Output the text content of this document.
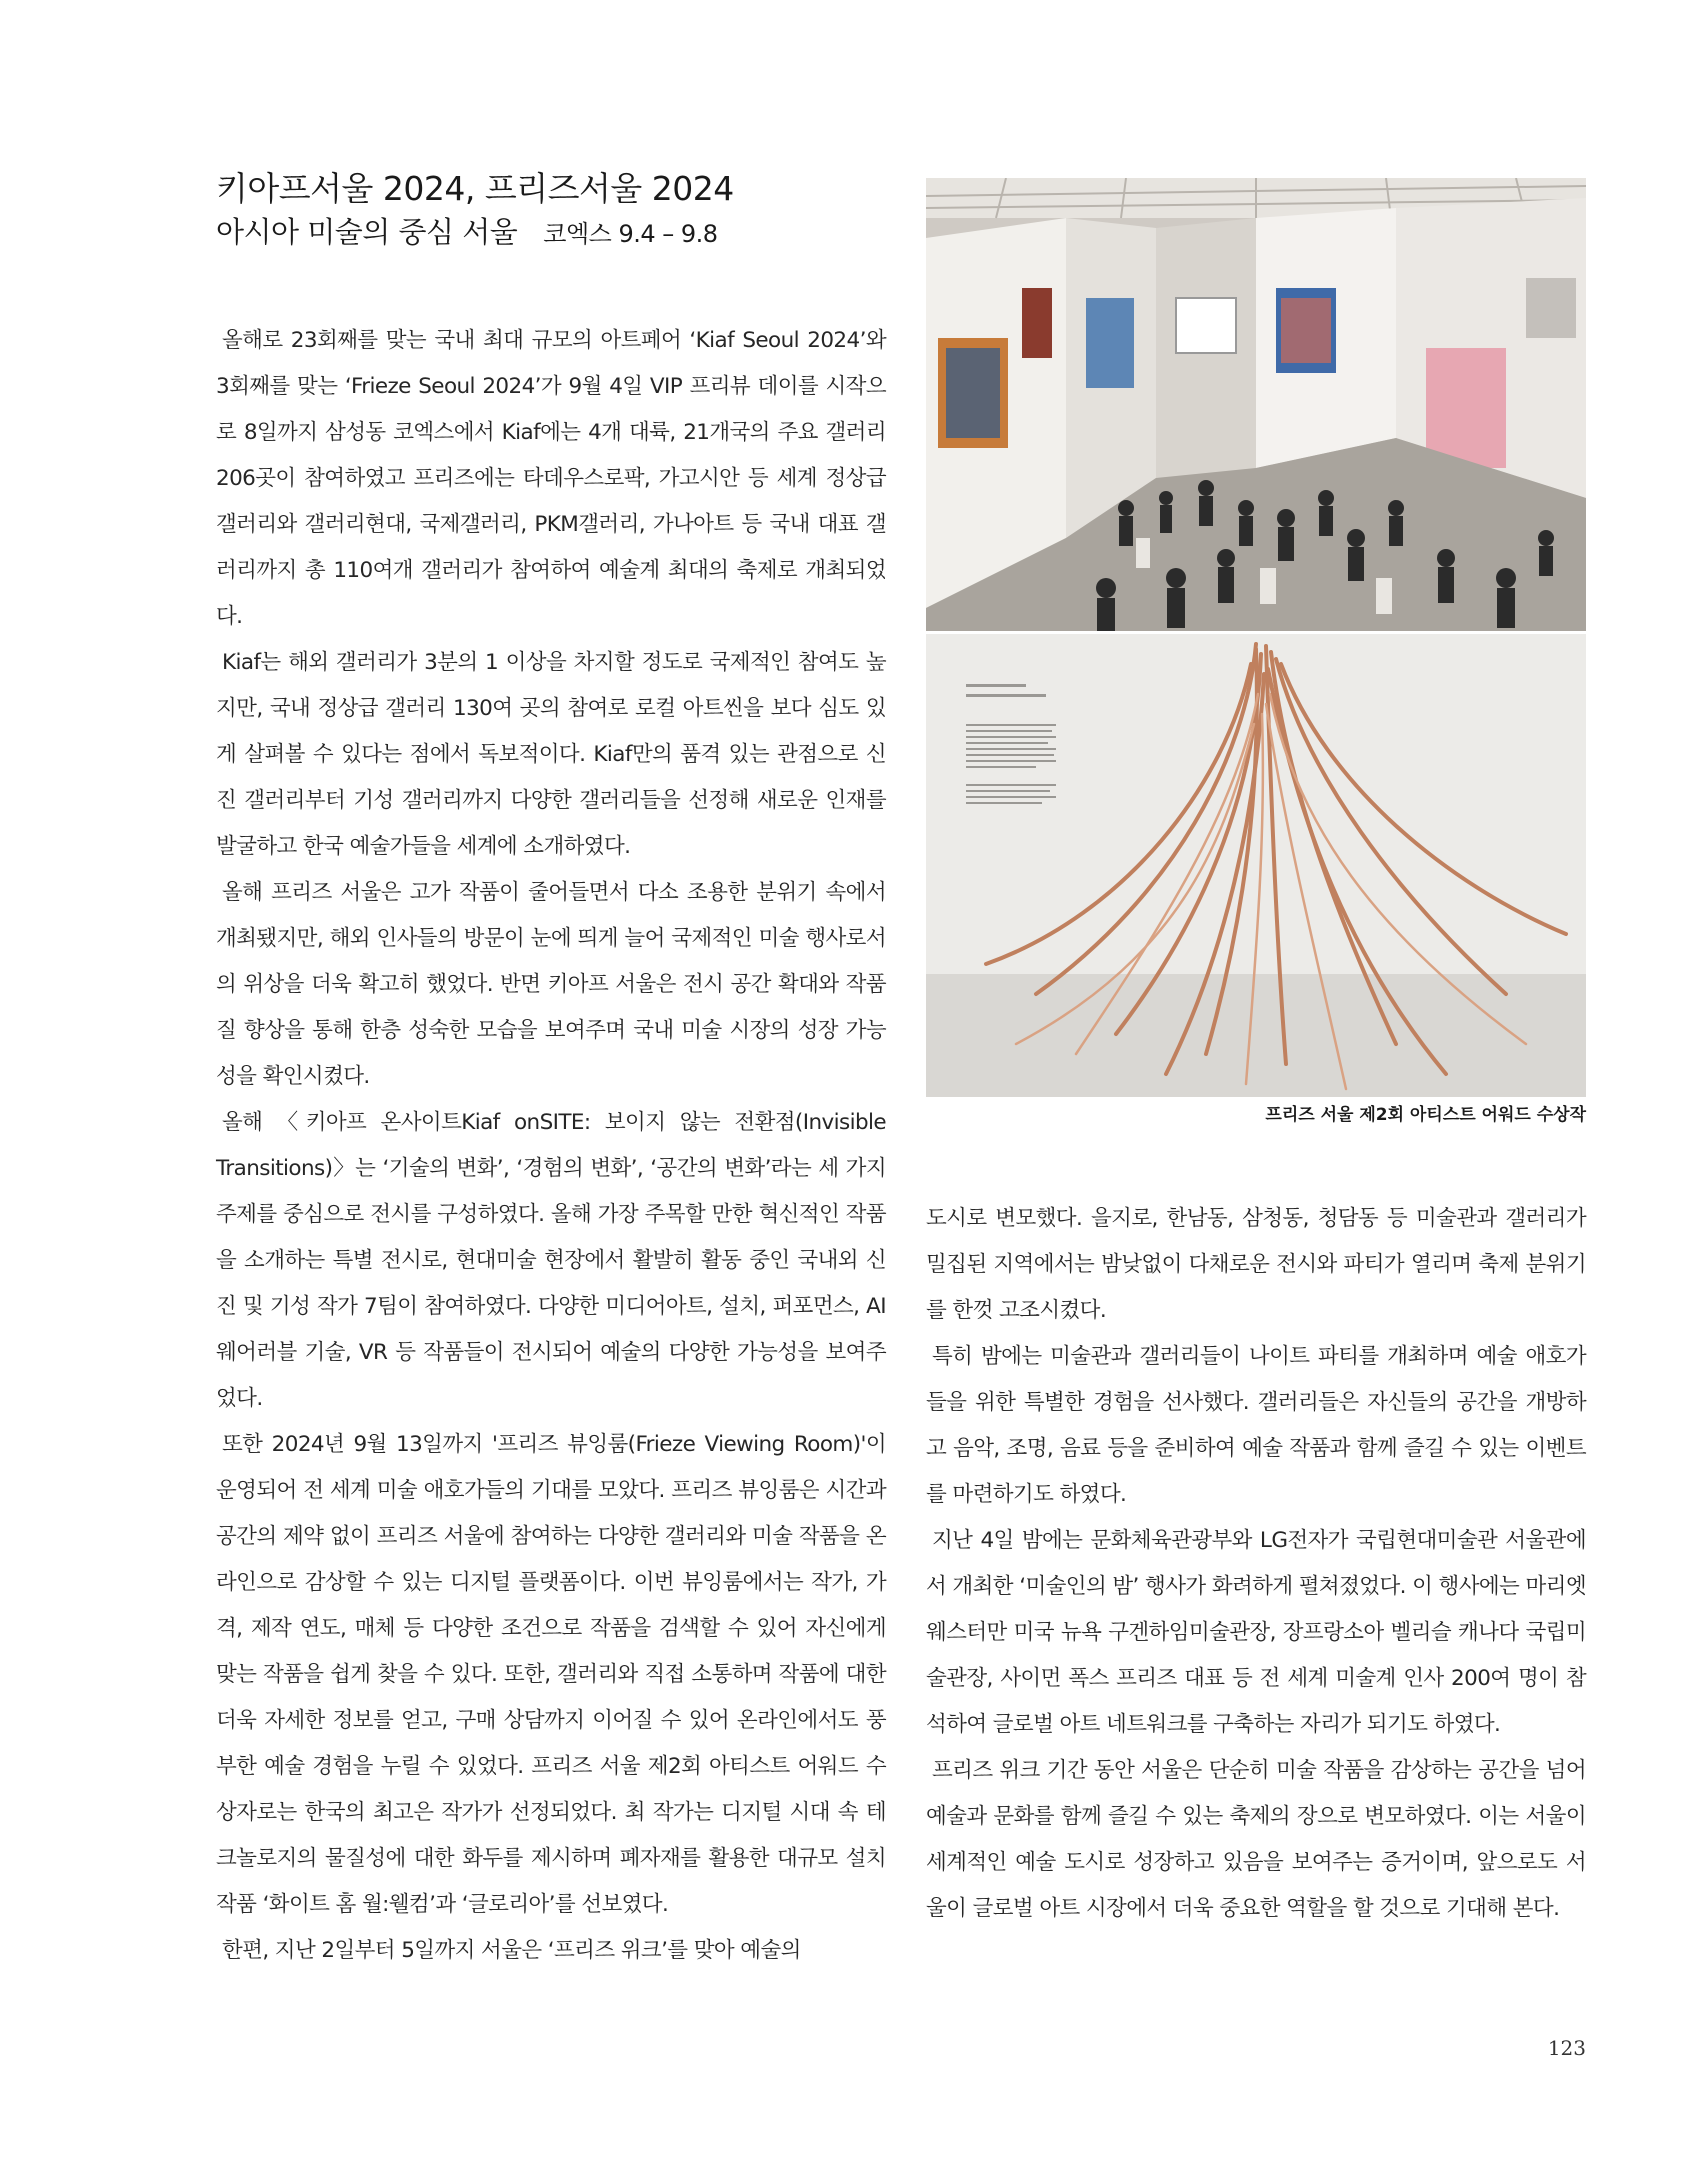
키아프서울 2024, 프리즈서울 2024
아시아 미술의 중심 서울 코엑스 9.4 – 9.8

올해로 23회째를 맞는 국내 최대 규모의 아트페어 ‘Kiaf Seoul 2024’와 3회째를 맞는 ‘Frieze Seoul 2024’가 9월 4일 VIP 프리뷰 데이를 시작으로 8일까지 삼성동 코엑스에서 Kiaf에는 4개 대륙, 21개국의 주요 갤러리 206곳이 참여하였고 프리즈에는 타데우스로팍, 가고시안 등 세계 정상급 갤러리와 갤러리현대, 국제갤러리, PKM갤러리, 가나아트 등 국내 대표 갤러리까지 총 110여개 갤러리가 참여하여 예술계 최대의 축제로 개최되었다.

Kiaf는 해외 갤러리가 3분의 1 이상을 차지할 정도로 국제적인 참여도 높지만, 국내 정상급 갤러리 130여 곳의 참여로 로컬 아트씬을 보다 심도 있게 살펴볼 수 있다는 점에서 독보적이다. Kiaf만의 품격 있는 관점으로 신진 갤러리부터 기성 갤러리까지 다양한 갤러리들을 선정해 새로운 인재를 발굴하고 한국 예술가들을 세계에 소개하였다.

올해 프리즈 서울은 고가 작품이 줄어들면서 다소 조용한 분위기 속에서 개최됐지만, 해외 인사들의 방문이 눈에 띄게 늘어 국제적인 미술 행사로서의 위상을 더욱 확고히 했었다. 반면 키아프 서울은 전시 공간 확대와 작품 질 향상을 통해 한층 성숙한 모습을 보여주며 국내 미술 시장의 성장 가능성을 확인시켰다.

올해 〈키아프 온사이트Kiaf onSITE: 보이지 않는 전환점(Invisible Transitions)〉는 ‘기술의 변화’, ‘경험의 변화’, ‘공간의 변화’라는 세 가지 주제를 중심으로 전시를 구성하였다. 올해 가장 주목할 만한 혁신적인 작품을 소개하는 특별 전시로, 현대미술 현장에서 활발히 활동 중인 국내외 신진 및 기성 작가 7팀이 참여하였다. 다양한 미디어아트, 설치, 퍼포먼스, AI 웨어러블 기술, VR 등 작품들이 전시되어 예술의 다양한 가능성을 보여주었다.

또한 2024년 9월 13일까지 '프리즈 뷰잉룸(Frieze Viewing Room)'이 운영되어 전 세계 미술 애호가들의 기대를 모았다. 프리즈 뷰잉룸은 시간과 공간의 제약 없이 프리즈 서울에 참여하는 다양한 갤러리와 미술 작품을 온라인으로 감상할 수 있는 디지털 플랫폼이다. 이번 뷰잉룸에서는 작가, 가격, 제작 연도, 매체 등 다양한 조건으로 작품을 검색할 수 있어 자신에게 맞는 작품을 쉽게 찾을 수 있다. 또한, 갤러리와 직접 소통하며 작품에 대한 더욱 자세한 정보를 얻고, 구매 상담까지 이어질 수 있어 온라인에서도 풍부한 예술 경험을 누릴 수 있었다. 프리즈 서울 제2회 아티스트 어워드 수상자로는 한국의 최고은 작가가 선정되었다. 최 작가는 디지털 시대 속 테크놀로지의 물질성에 대한 화두를 제시하며 폐자재를 활용한 대규모 설치 작품 ‘화이트 홈 월:웰컴’과 ‘글로리아’를 선보였다.

한편, 지난 2일부터 5일까지 서울은 ‘프리즈 위크’를 맞아 예술의

프리즈 서울 제2회 아티스트 어워드 수상작

도시로 변모했다. 을지로, 한남동, 삼청동, 청담동 등 미술관과 갤러리가 밀집된 지역에서는 밤낮없이 다채로운 전시와 파티가 열리며 축제 분위기를 한껏 고조시켰다.

특히 밤에는 미술관과 갤러리들이 나이트 파티를 개최하며 예술 애호가들을 위한 특별한 경험을 선사했다. 갤러리들은 자신들의 공간을 개방하고 음악, 조명, 음료 등을 준비하여 예술 작품과 함께 즐길 수 있는 이벤트를 마련하기도 하였다.

지난 4일 밤에는 문화체육관광부와 LG전자가 국립현대미술관 서울관에서 개최한 ‘미술인의 밤’ 행사가 화려하게 펼쳐졌었다. 이 행사에는 마리엣 웨스터만 미국 뉴욕 구겐하임미술관장, 장프랑소아 벨리슬 캐나다 국립미술관장, 사이먼 폭스 프리즈 대표 등 전 세계 미술계 인사 200여 명이 참석하여 글로벌 아트 네트워크를 구축하는 자리가 되기도 하였다.

프리즈 위크 기간 동안 서울은 단순히 미술 작품을 감상하는 공간을 넘어 예술과 문화를 함께 즐길 수 있는 축제의 장으로 변모하였다. 이는 서울이 세계적인 예술 도시로 성장하고 있음을 보여주는 증거이며, 앞으로도 서울이 글로벌 아트 시장에서 더욱 중요한 역할을 할 것으로 기대해 본다.

123
